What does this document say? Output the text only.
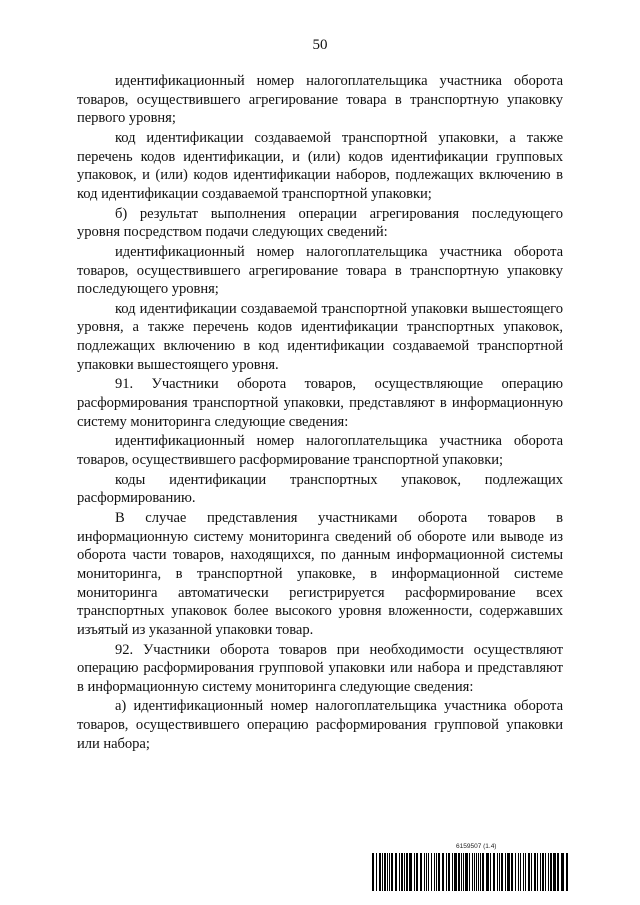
50

идентификационный номер налогоплательщика участника оборота товаров, осуществившего агрегирование товара в транспортную упаковку первого уровня;

код идентификации создаваемой транспортной упаковки, а также перечень кодов идентификации, и (или) кодов идентификации групповых упаковок, и (или) кодов идентификации наборов, подлежащих включению в код идентификации создаваемой транспортной упаковки;

б) результат выполнения операции агрегирования последующего уровня посредством подачи следующих сведений:

идентификационный номер налогоплательщика участника оборота товаров, осуществившего агрегирование товара в транспортную упаковку последующего уровня;

код идентификации создаваемой транспортной упаковки вышестоящего уровня, а также перечень кодов идентификации транспортных упаковок, подлежащих включению в код идентификации создаваемой транспортной упаковки вышестоящего уровня.

91. Участники оборота товаров, осуществляющие операцию расформирования транспортной упаковки, представляют в информационную систему мониторинга следующие сведения:

идентификационный номер налогоплательщика участника оборота товаров, осуществившего расформирование транспортной упаковки;

коды идентификации транспортных упаковок, подлежащих расформированию.

В случае представления участниками оборота товаров в информационную систему мониторинга сведений об обороте или выводе из оборота части товаров, находящихся, по данным информационной системы мониторинга, в транспортной упаковке, в информационной системе мониторинга автоматически регистрируется расформирование всех транспортных упаковок более высокого уровня вложенности, содержавших изъятый из указанной упаковки товар.

92. Участники оборота товаров при необходимости осуществляют операцию расформирования групповой упаковки или набора и представляют в информационную систему мониторинга следующие сведения:

а) идентификационный номер налогоплательщика участника оборота товаров, осуществившего операцию расформирования групповой упаковки или набора;

6159507 (1.4)
